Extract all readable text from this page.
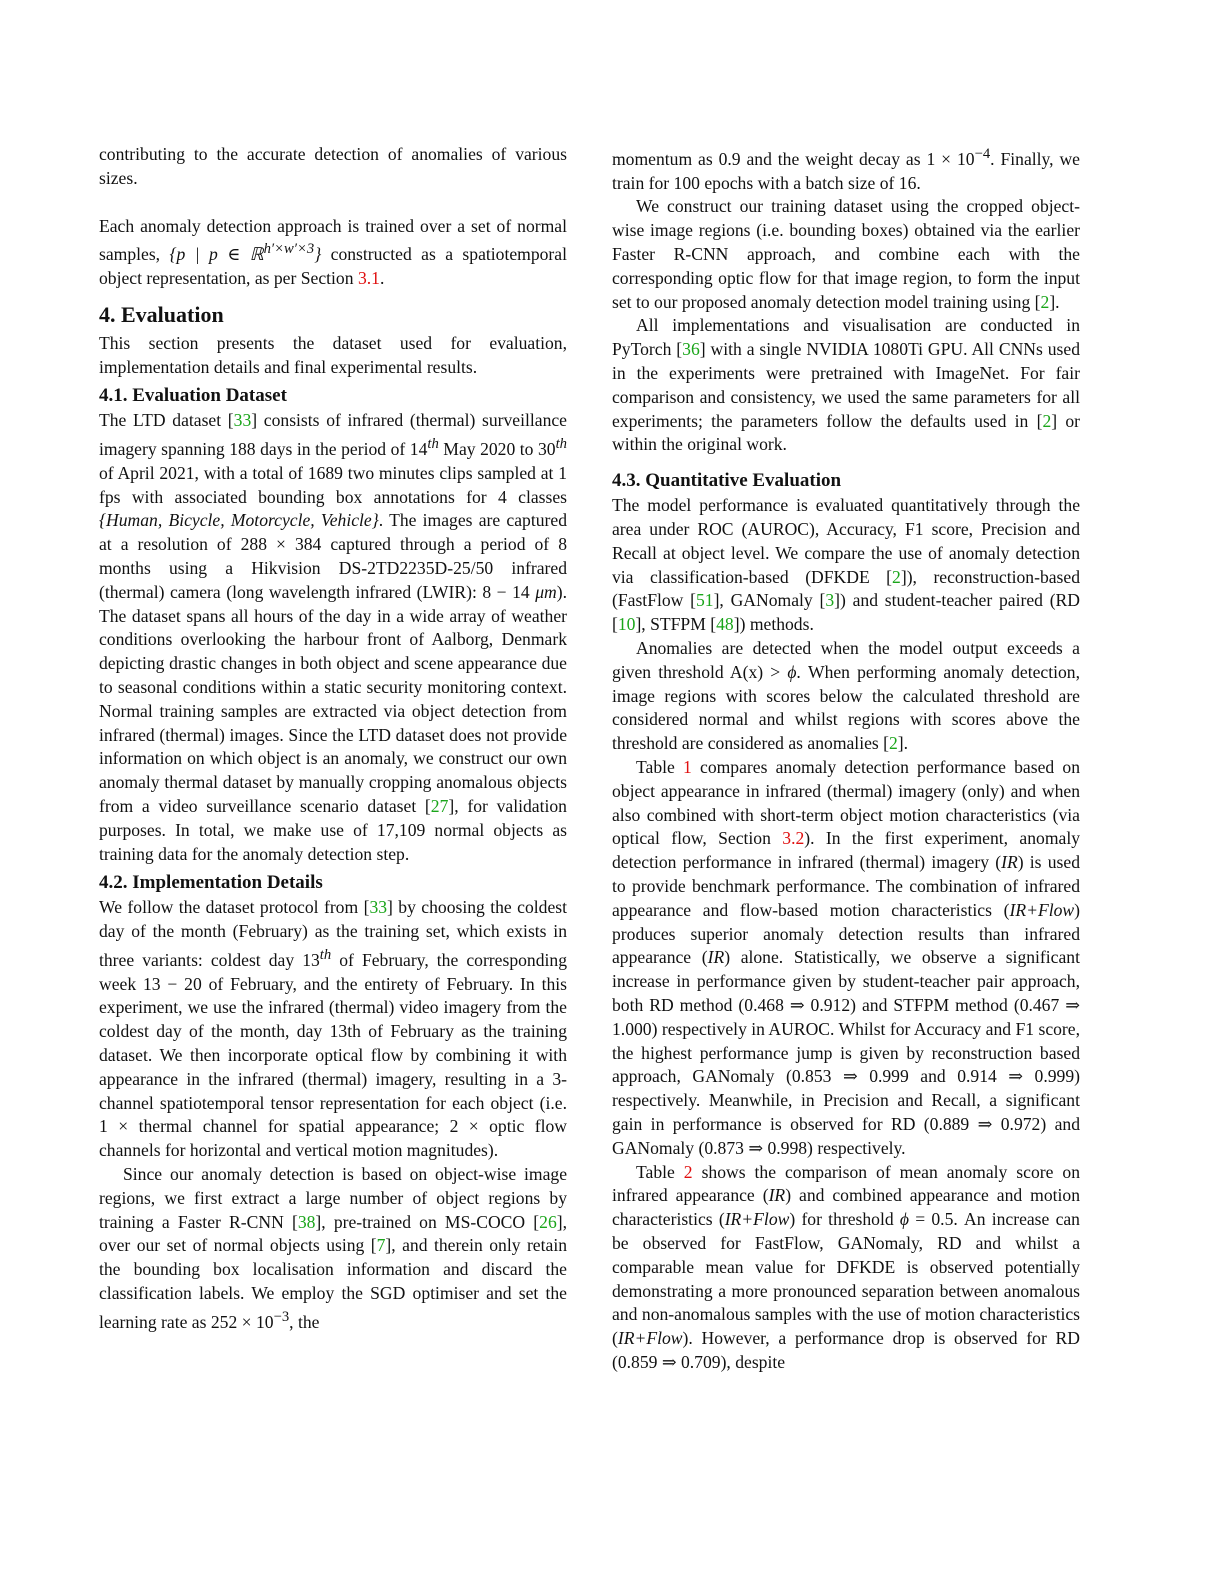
contributing to the accurate detection of anomalies of various sizes.

Each anomaly detection approach is trained over a set of normal samples, {p | p ∈ ℝ$^{h'\times w'\times 3}$} constructed as a spatiotemporal object representation, as per Section 3.1.

4. Evaluation

This section presents the dataset used for evaluation, implementation details and final experimental results.

4.1. Evaluation Dataset

The LTD dataset [33] consists of infrared (thermal) surveillance imagery spanning 188 days in the period of 14th May 2020 to 30th of April 2021, with a total of 1689 two minutes clips sampled at 1 fps with associated bounding box annotations for 4 classes {Human, Bicycle, Motorcycle, Vehicle}. The images are captured at a resolution of 288 × 384 captured through a period of 8 months using a Hikvision DS-2TD2235D-25/50 infrared (thermal) camera (long wavelength infrared (LWIR): 8 − 14 μm). The dataset spans all hours of the day in a wide array of weather conditions overlooking the harbour front of Aalborg, Denmark depicting drastic changes in both object and scene appearance due to seasonal conditions within a static security monitoring context. Normal training samples are extracted via object detection from infrared (thermal) images. Since the LTD dataset does not provide information on which object is an anomaly, we construct our own anomaly thermal dataset by manually cropping anomalous objects from a video surveillance scenario dataset [27], for validation purposes. In total, we make use of 17,109 normal objects as training data for the anomaly detection step.

4.2. Implementation Details

We follow the dataset protocol from [33] by choosing the coldest day of the month (February) as the training set, which exists in three variants: coldest day 13th of February, the corresponding week 13 − 20 of February, and the entirety of February. In this experiment, we use the infrared (thermal) video imagery from the coldest day of the month, day 13th of February as the training dataset. We then incorporate optical flow by combining it with appearance in the infrared (thermal) imagery, resulting in a 3-channel spatiotemporal tensor representation for each object (i.e. 1 × thermal channel for spatial appearance; 2 × optic flow channels for horizontal and vertical motion magnitudes).

Since our anomaly detection is based on object-wise image regions, we first extract a large number of object regions by training a Faster R-CNN [38], pre-trained on MS-COCO [26], over our set of normal objects using [7], and therein only retain the bounding box localisation information and discard the classification labels. We employ the SGD optimiser and set the learning rate as $252 \times 10^{-3}$, the

momentum as 0.9 and the weight decay as $1 \times 10^{-4}$. Finally, we train for 100 epochs with a batch size of 16.

We construct our training dataset using the cropped object-wise image regions (i.e. bounding boxes) obtained via the earlier Faster R-CNN approach, and combine each with the corresponding optic flow for that image region, to form the input set to our proposed anomaly detection model training using [2].

All implementations and visualisation are conducted in PyTorch [36] with a single NVIDIA 1080Ti GPU. All CNNs used in the experiments were pretrained with ImageNet. For fair comparison and consistency, we used the same parameters for all experiments; the parameters follow the defaults used in [2] or within the original work.

4.3. Quantitative Evaluation

The model performance is evaluated quantitatively through the area under ROC (AUROC), Accuracy, F1 score, Precision and Recall at object level. We compare the use of anomaly detection via classification-based (DFKDE [2]), reconstruction-based (FastFlow [51], GANomaly [3]) and student-teacher paired (RD [10], STFPM [48]) methods.

Anomalies are detected when the model output exceeds a given threshold A(x) > ϕ. When performing anomaly detection, image regions with scores below the calculated threshold are considered normal and whilst regions with scores above the threshold are considered as anomalies [2].

Table 1 compares anomaly detection performance based on object appearance in infrared (thermal) imagery (only) and when also combined with short-term object motion characteristics (via optical flow, Section 3.2). In the first experiment, anomaly detection performance in infrared (thermal) imagery (IR) is used to provide benchmark performance. The combination of infrared appearance and flow-based motion characteristics (IR+Flow) produces superior anomaly detection results than infrared appearance (IR) alone. Statistically, we observe a significant increase in performance given by student-teacher pair approach, both RD method (0.468 ⇒ 0.912) and STFPM method (0.467 ⇒ 1.000) respectively in AUROC. Whilst for Accuracy and F1 score, the highest performance jump is given by reconstruction based approach, GANomaly (0.853 ⇒ 0.999 and 0.914 ⇒ 0.999) respectively. Meanwhile, in Precision and Recall, a significant gain in performance is observed for RD (0.889 ⇒ 0.972) and GANomaly (0.873 ⇒ 0.998) respectively.

Table 2 shows the comparison of mean anomaly score on infrared appearance (IR) and combined appearance and motion characteristics (IR+Flow) for threshold ϕ = 0.5. An increase can be observed for FastFlow, GANomaly, RD and whilst a comparable mean value for DFKDE is observed potentially demonstrating a more pronounced separation between anomalous and non-anomalous samples with the use of motion characteristics (IR+Flow). However, a performance drop is observed for RD (0.859 ⇒ 0.709), despite
